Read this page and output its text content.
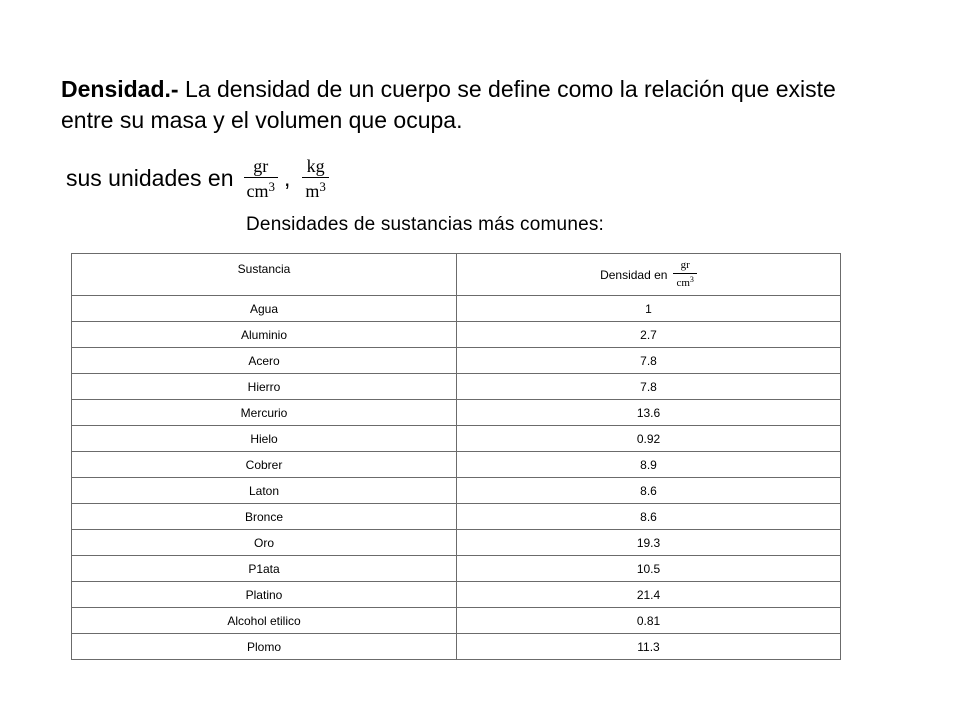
Densidad.- La densidad de un cuerpo se define como la relación que existe entre su masa y el volumen que ocupa.
sus unidades en $\frac{gr}{cm^3}$ , $\frac{kg}{m^3}$
Densidades de sustancias más comunes:
Sustancia	Densidad en $\frac{gr}{cm^3}$

Agua	1
Aluminio	2.7
Acero	7.8
Hierro	7.8
Mercurio	13.6
Hielo	0.92
Cobrer	8.9
Laton	8.6
Bronce	8.6
Oro	19.3
P1ata	10.5
Platino	21.4
Alcohol etilico	0.81
Plomo	11.3
